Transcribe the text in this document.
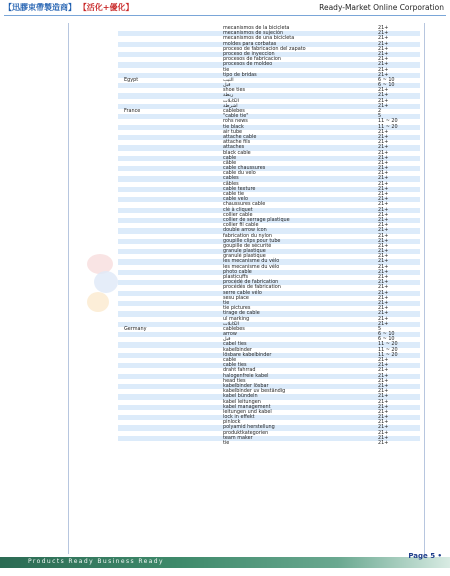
【迅膠束帶製造商】 【活化+優化】	Ready-Market Online Corporation
mecanismos de la bicicleta	21+
mecanismos de sujeción	21+
mecanismos de una bicicleta	21+
moldes para corbatas	21+
proceso de fabricacion del zapato	21+
proceso de inyeccion	21+
procesos de fabricacion	21+
procesos de moldeo	21+
tie	21+
tipo de bridas	21+
Egypt	التيب	6 ~ 10
قبل	6 ~ 10
shoe ties	21+
ربطة	21+
الكابلات	21+
اشرطة	21+
France	cablebes	2
"cable tie"	5
rohs news	11 ~ 20
tie black	11 ~ 20
air tube	21+
attache cable	21+
attache fils	21+
attaches	21+
black cable	21+
cable	21+
câble	21+
cable chaussures	21+
cable du velo	21+
cables	21+
câbles	21+
cable texture	21+
cable tie	21+
cable velo	21+
chaussures cable	21+
clé à cliquet	21+
collier cable	21+
collier de serrage plastique	21+
collier fil cable	21+
double arrow icon	21+
fabrication du nylon	21+
goupille clips pour tube	21+
goupille de sécurité	21+
granule plastique	21+
granulé plastique	21+
les mecanisme du vélo	21+
les mecanisme du vélo	21+
photo cable	21+
plasticuffs	21+
procédé de fabrication	21+
procédés de fabrication	21+
serre cable vélo	21+
sesu place	21+
tie	21+
tie pictures	21+
tirage de cable	21+
ul marking	21+
الكابلات	21+
Germany	cablebes	5
arrow	6 ~ 10
قبل	6 ~ 10
cabel ties	11 ~ 20
kabelbinder	11 ~ 20
lösbare kabelbinder	11 ~ 20
cable	21+
cable ties	21+
draht fahrrad	21+
halogenfreie kabel	21+
head ties	21+
kabelbinder lösbar	21+
kabelbinder uv beständig	21+
kabel bündeln	21+
kabel leitungen	21+
kabel management	21+
leitungen und kabel	21+
lock in effekt	21+
pinlock	21+
polyamid herstellung	21+
produktkategorien	21+
team maker	21+
tie	21+
Products Ready Business Ready
Page 5 •
